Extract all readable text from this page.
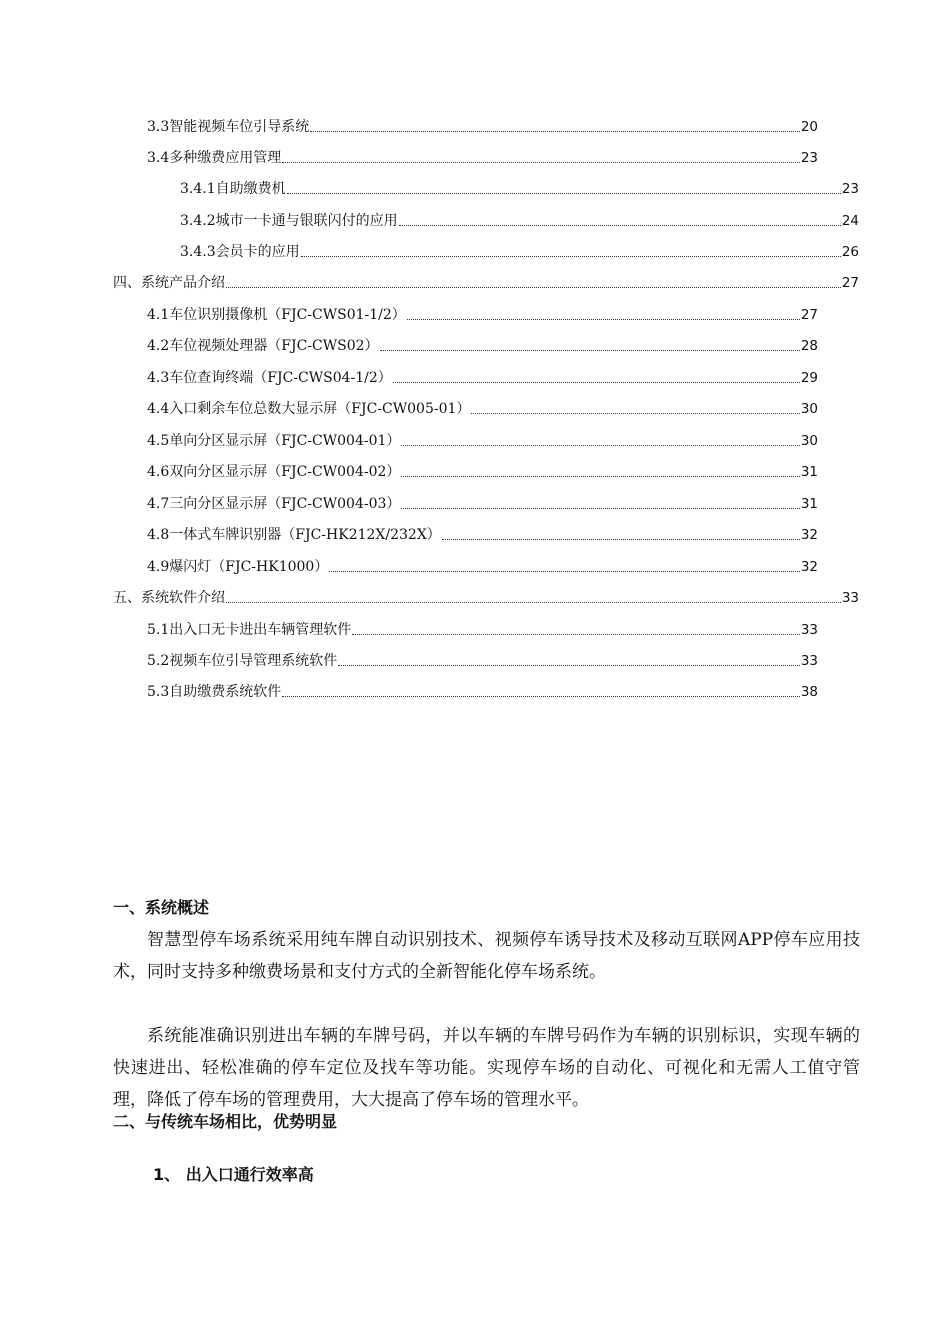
3.3智能视频车位引导系统	20
3.4多种缴费应用管理	23
3.4.1自助缴费机	23
3.4.2城市一卡通与银联闪付的应用	24
3.4.3会员卡的应用	26
四、系统产品介绍	27
4.1车位识别摄像机（FJC-CWS01-1/2）	27
4.2车位视频处理器（FJC-CWS02）	28
4.3车位查询终端（FJC-CWS04-1/2）	29
4.4入口剩余车位总数大显示屏（FJC-CW005-01）	30
4.5单向分区显示屏（FJC-CW004-01）	30
4.6双向分区显示屏（FJC-CW004-02）	31
4.7三向分区显示屏（FJC-CW004-03）	31
4.8一体式车牌识别器（FJC-HK212X/232X）	32
4.9爆闪灯（FJC-HK1000）	32
五、系统软件介绍	33
5.1出入口无卡进出车辆管理软件	33
5.2视频车位引导管理系统软件	33
5.3自助缴费系统软件	38
一、系统概述

智慧型停车场系统采用纯车牌自动识别技术、视频停车诱导技术及移动互联网APP停车应用技术，同时支持多种缴费场景和支付方式的全新智能化停车场系统。

系统能准确识别进出车辆的车牌号码，并以车辆的车牌号码作为车辆的识别标识，实现车辆的快速进出、轻松准确的停车定位及找车等功能。实现停车场的自动化、可视化和无需人工值守管理，降低了停车场的管理费用，大大提高了停车场的管理水平。

二、与传统车场相比，优势明显
1、 出入口通行效率高
